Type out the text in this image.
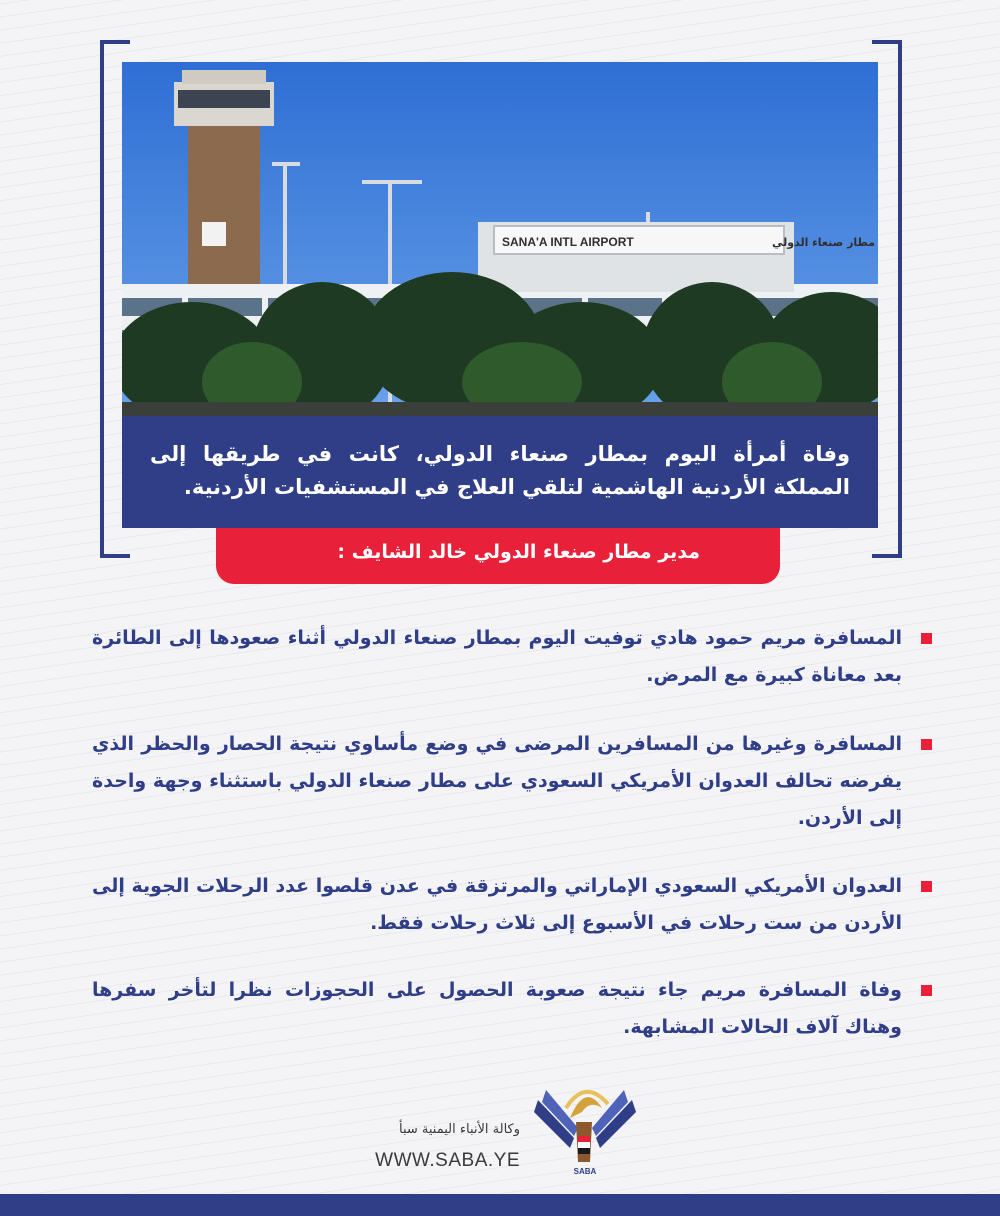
SANA'A INTL AIRPORT	مطار صنعاء الدولي
وفاة أمرأة اليوم بمطار صنعاء الدولي، كانت في طريقها إلى المملكة الأردنية الهاشمية لتلقي العلاج في المستشفيات الأردنية.
مدير مطار صنعاء الدولي خالد الشايف :
المسافرة مريم حمود هادي توفيت اليوم بمطار صنعاء الدولي أثناء صعودها إلى الطائرة بعد معاناة كبيرة مع المرض.
المسافرة وغيرها من المسافرين المرضى في وضع مأساوي نتيجة الحصار والحظر الذي يفرضه تحالف العدوان الأمريكي السعودي على مطار صنعاء الدولي باستثناء وجهة واحدة إلى الأردن.
العدوان الأمريكي السعودي الإماراتي والمرتزقة في عدن قلصوا عدد الرحلات الجوية إلى الأردن من ست رحلات في الأسبوع إلى ثلاث رحلات فقط.
وفاة المسافرة مريم جاء نتيجة صعوبة الحصول على الحجوزات نظرا لتأخر سفرها وهناك آلاف الحالات المشابهة.
وكالة الأنباء اليمنية سبأ
WWW.SABA.YE
SABA
